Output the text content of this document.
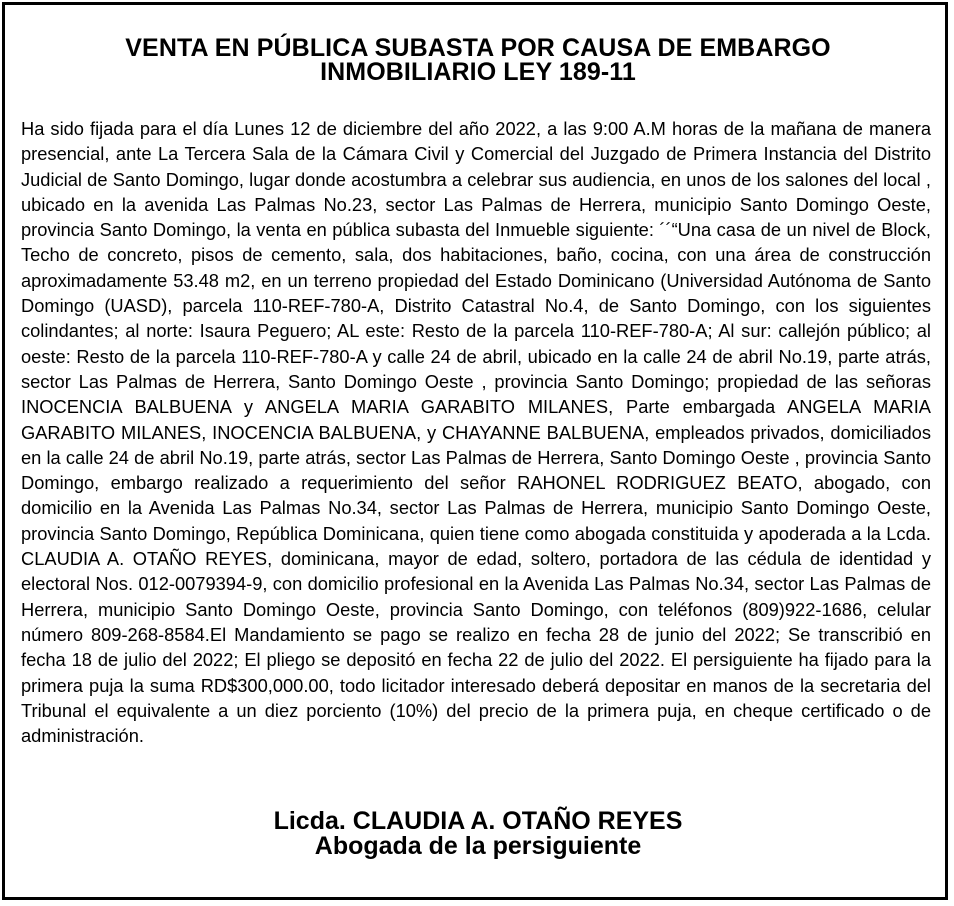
VENTA EN PÚBLICA SUBASTA POR CAUSA DE EMBARGO
INMOBILIARIO LEY 189-11

Ha sido fijada para el día Lunes 12 de diciembre del año 2022, a las 9:00 A.M horas de la mañana de manera presencial, ante La Tercera Sala de la Cámara Civil y Comercial del Juzgado de Primera Instancia del Distrito Judicial de Santo Domingo, lugar donde acostumbra a celebrar sus audiencia, en unos de los salones del local , ubicado en la avenida Las Palmas No.23, sector Las Palmas de Herrera, municipio Santo Domingo Oeste, provincia Santo Domingo, la venta en pública subasta del Inmueble siguiente: ´´“Una casa de un nivel de Block, Techo de concreto, pisos de cemento, sala, dos habitaciones, baño, cocina, con una área de construcción aproximadamente 53.48 m2, en un terreno propiedad del Estado Dominicano (Universidad Autónoma de Santo Domingo (UASD), parcela 110-REF-780-A, Distrito Catastral No.4, de Santo Domingo, con los siguientes colindantes; al norte: Isaura Peguero; AL este: Resto de la parcela 110-REF-780-A; Al sur: callejón público; al oeste: Resto de la parcela 110-REF-780-A y calle 24 de abril, ubicado en la calle 24 de abril No.19, parte atrás, sector Las Palmas de Herrera, Santo Domingo Oeste , provincia Santo Domingo; propiedad de las señoras INOCENCIA BALBUENA y ANGELA MARIA GARABITO MILANES, Parte embargada ANGELA MARIA GARABITO MILANES, INOCENCIA BALBUENA, y CHAYANNE BALBUENA, empleados privados, domiciliados en la calle 24 de abril No.19, parte atrás, sector Las Palmas de Herrera, Santo Domingo Oeste , provincia Santo Domingo, embargo realizado a requerimiento del señor RAHONEL RODRIGUEZ BEATO, abogado, con domicilio en la Avenida Las Palmas No.34, sector Las Palmas de Herrera, municipio Santo Domingo Oeste, provincia Santo Domingo, República Dominicana, quien tiene como abogada constituida y apoderada a la Lcda. CLAUDIA A. OTAÑO REYES, dominicana, mayor de edad, soltero, portadora de las cédula de identidad y electoral Nos. 012-0079394-9, con domicilio profesional en la Avenida Las Palmas No.34, sector Las Palmas de Herrera, municipio Santo Domingo Oeste, provincia Santo Domingo, con teléfonos (809)922-1686, celular número 809-268-8584.El Mandamiento se pago se realizo en fecha 28 de junio del 2022; Se transcribió en fecha 18 de julio del 2022; El pliego se depositó en fecha 22 de julio del 2022. El persiguiente ha fijado para la primera puja la suma RD$300,000.00, todo licitador interesado deberá depositar en manos de la secretaria del Tribunal el equivalente a un diez porciento (10%) del precio de la primera puja, en cheque certificado o de administración.

Licda. CLAUDIA A. OTAÑO REYES
Abogada de la persiguiente
